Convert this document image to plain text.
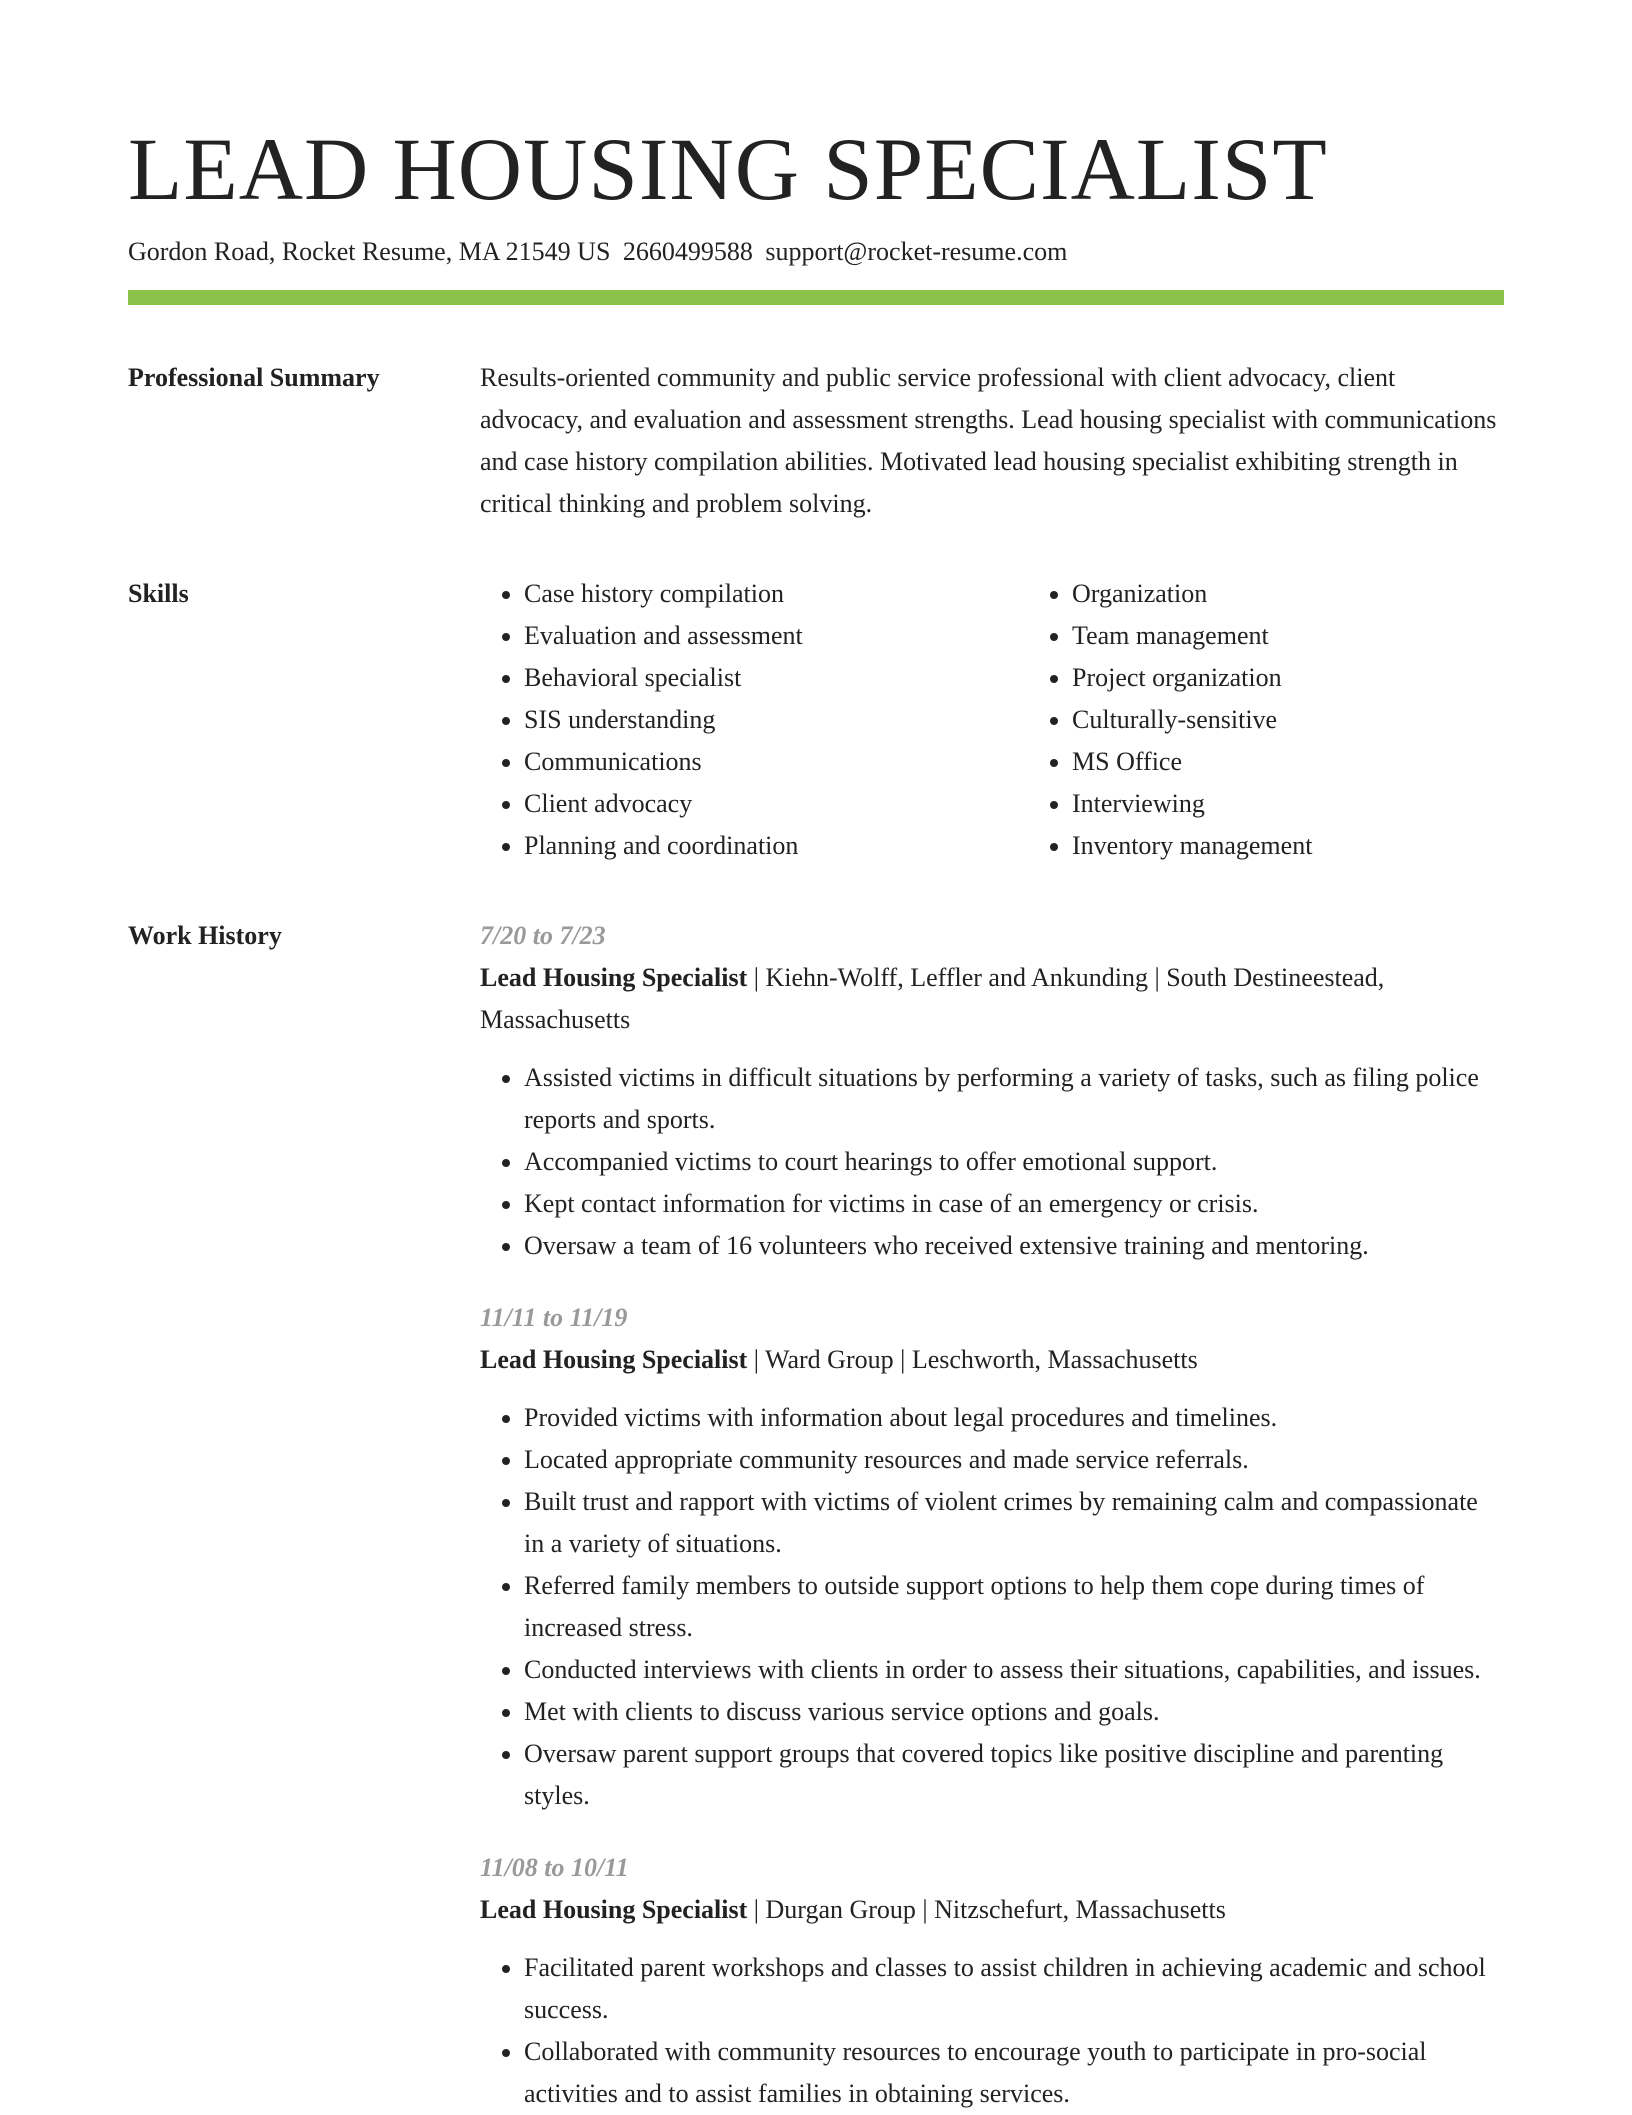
LEAD HOUSING SPECIALIST
Gordon Road, Rocket Resume, MA 21549 US 2660499588 support@rocket-resume.com
Professional Summary	Results-oriented community and public service professional with client advocacy, client advocacy, and evaluation and assessment strengths. Lead housing specialist with communications and case history compilation abilities. Motivated lead housing specialist exhibiting strength in critical thinking and problem solving.

Skills
•	Case history compilation
• Evaluation and assessment
• Behavioral specialist
• SIS understanding
• Communications
• Client advocacy
• Planning and coordination
• Organization
• Team management
• Project organization
• Culturally-sensitive
• MS Office
• Interviewing
• Inventory management
Work History	7/20 to 7/23
Lead Housing Specialist | Kiehn-Wolff, Leffler and Ankunding | South Destineestead, Massachusetts
• Assisted victims in difficult situations by performing a variety of tasks, such as filing police reports and sports.
• Accompanied victims to court hearings to offer emotional support.
• Kept contact information for victims in case of an emergency or crisis.
• Oversaw a team of 16 volunteers who received extensive training and mentoring.
11/11 to 11/19
Lead Housing Specialist | Ward Group | Leschworth, Massachusetts
• Provided victims with information about legal procedures and timelines.
• Located appropriate community resources and made service referrals.
• Built trust and rapport with victims of violent crimes by remaining calm and compassionate in a variety of situations.
• Referred family members to outside support options to help them cope during times of increased stress.
• Conducted interviews with clients in order to assess their situations, capabilities, and issues.
• Met with clients to discuss various service options and goals.
• Oversaw parent support groups that covered topics like positive discipline and parenting styles.
11/08 to 10/11
Lead Housing Specialist | Durgan Group | Nitzschefurt, Massachusetts
• Facilitated parent workshops and classes to assist children in achieving academic and school success.
• Collaborated with community resources to encourage youth to participate in pro-social activities and to assist families in obtaining services.
